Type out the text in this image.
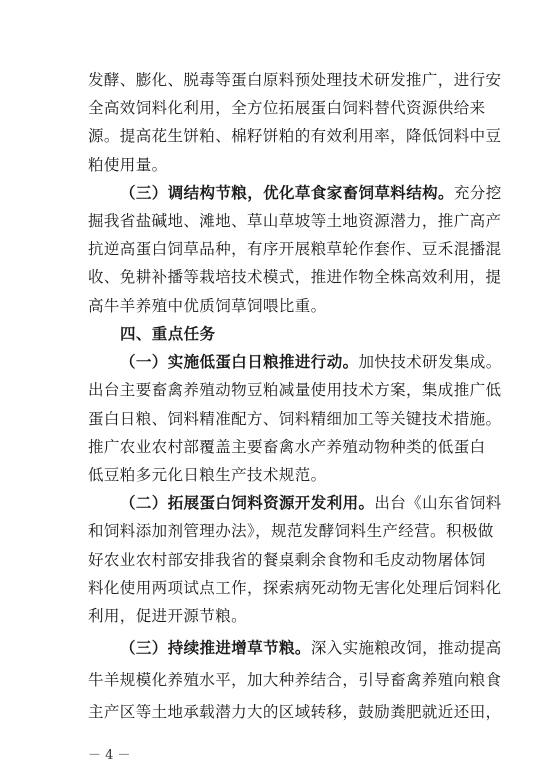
发酵、膨化、脱毒等蛋白原料预处理技术研发推广，进行安
全高效饲料化利用，全方位拓展蛋白饲料替代资源供给来
源。提高花生饼粕、棉籽饼粕的有效利用率，降低饲料中豆
粕使用量。
（三）调结构节粮，优化草食家畜饲草料结构。充分挖
掘我省盐碱地、滩地、草山草坡等土地资源潜力，推广高产
抗逆高蛋白饲草品种，有序开展粮草轮作套作、豆禾混播混
收、免耕补播等栽培技术模式，推进作物全株高效利用，提
高牛羊养殖中优质饲草饲喂比重。
四、重点任务
（一）实施低蛋白日粮推进行动。加快技术研发集成。
出台主要畜禽养殖动物豆粕减量使用技术方案，集成推广低
蛋白日粮、饲料精准配方、饲料精细加工等关键技术措施。
推广农业农村部覆盖主要畜禽水产养殖动物种类的低蛋白
低豆粕多元化日粮生产技术规范。
（二）拓展蛋白饲料资源开发利用。出台《山东省饲料
和饲料添加剂管理办法》，规范发酵饲料生产经营。积极做
好农业农村部安排我省的餐桌剩余食物和毛皮动物屠体饲
料化使用两项试点工作，探索病死动物无害化处理后饲料化
利用，促进开源节粮。
（三）持续推进增草节粮。深入实施粮改饲，推动提高
牛羊规模化养殖水平，加大种养结合，引导畜禽养殖向粮食
主产区等土地承载潜力大的区域转移，鼓励粪肥就近还田，
－ 4 －
